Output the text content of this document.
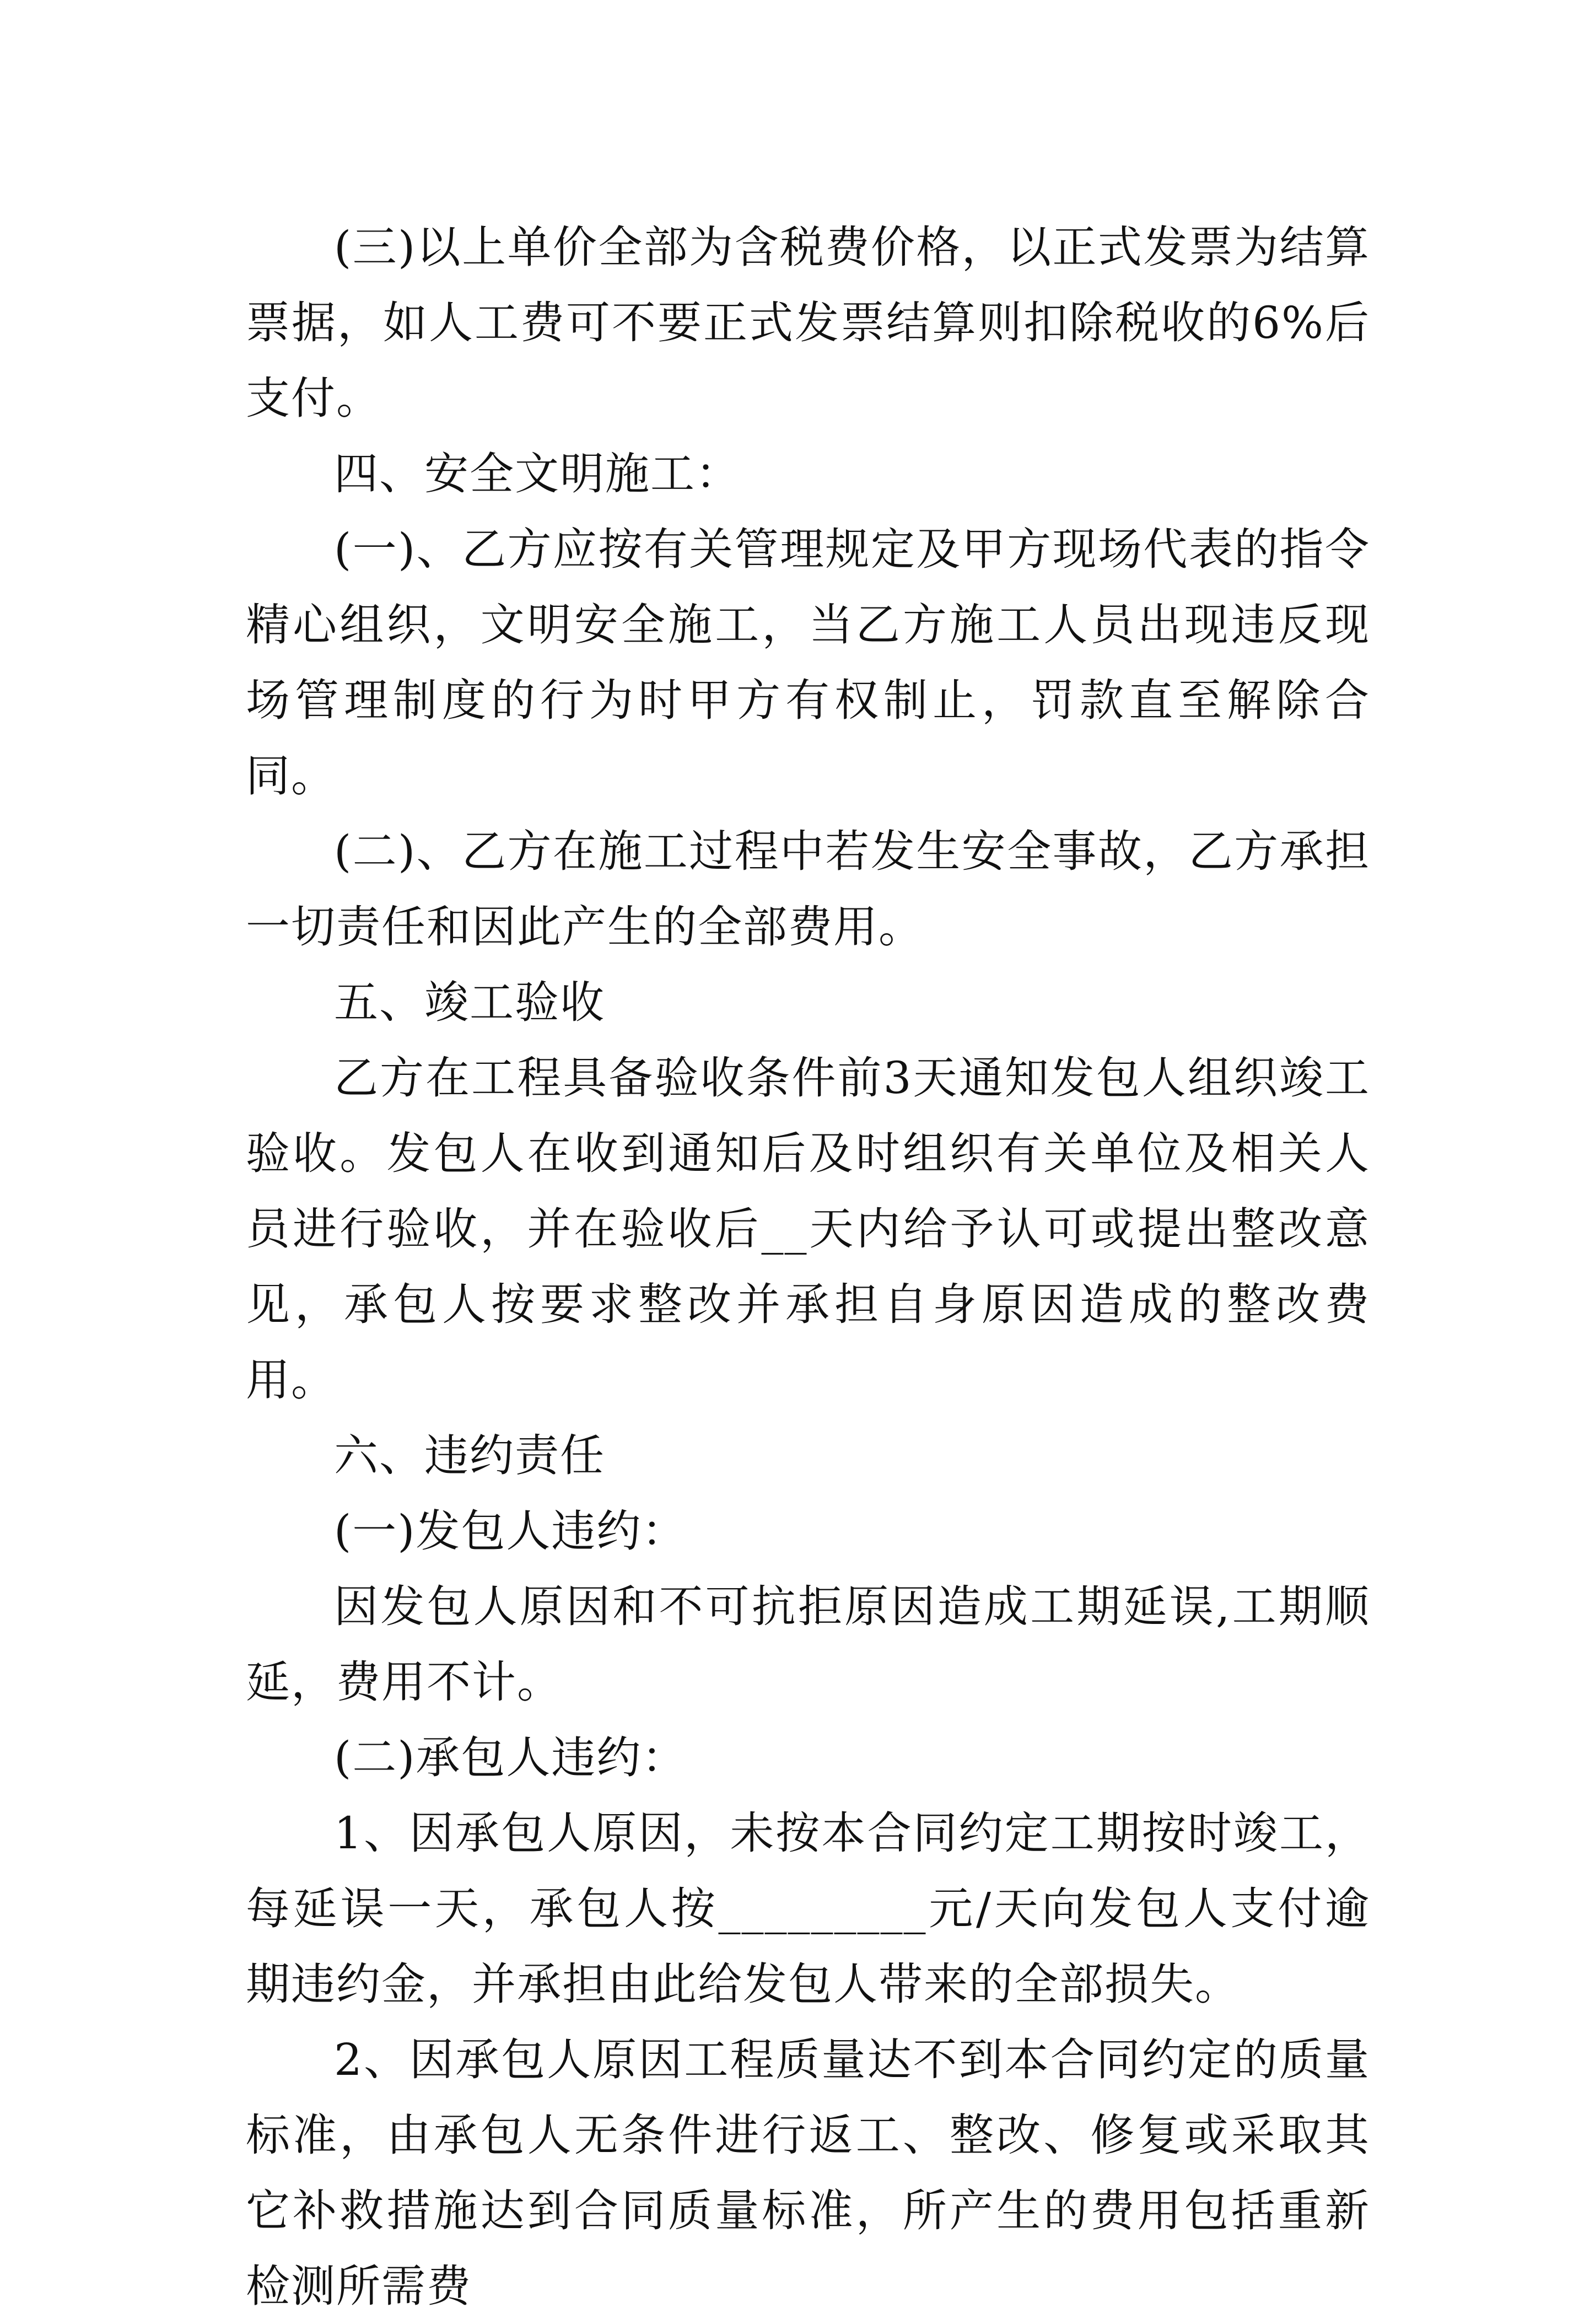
(三)以上单价全部为含税费价格，以正式发票为结算票据，如人工费可不要正式发票结算则扣除税收的6%后支付。

四、安全文明施工：

(一)、乙方应按有关管理规定及甲方现场代表的指令精心组织，文明安全施工，当乙方施工人员出现违反现场管理制度的行为时甲方有权制止，罚款直至解除合同。

(二)、乙方在施工过程中若发生安全事故，乙方承担一切责任和因此产生的全部费用。

五、竣工验收

乙方在工程具备验收条件前3天通知发包人组织竣工验收。发包人在收到通知后及时组织有关单位及相关人员进行验收，并在验收后__天内给予认可或提出整改意见，承包人按要求整改并承担自身原因造成的整改费用。

六、违约责任

(一)发包人违约：

因发包人原因和不可抗拒原因造成工期延误,工期顺延，费用不计。

(二)承包人违约：

1、因承包人原因，未按本合同约定工期按时竣工，每延误一天，承包人按_________元/天向发包人支付逾期违约金，并承担由此给发包人带来的全部损失。

2、因承包人原因工程质量达不到本合同约定的质量标准，由承包人无条件进行返工、整改、修复或采取其它补救措施达到合同质量标准，所产生的费用包括重新检测所需费
